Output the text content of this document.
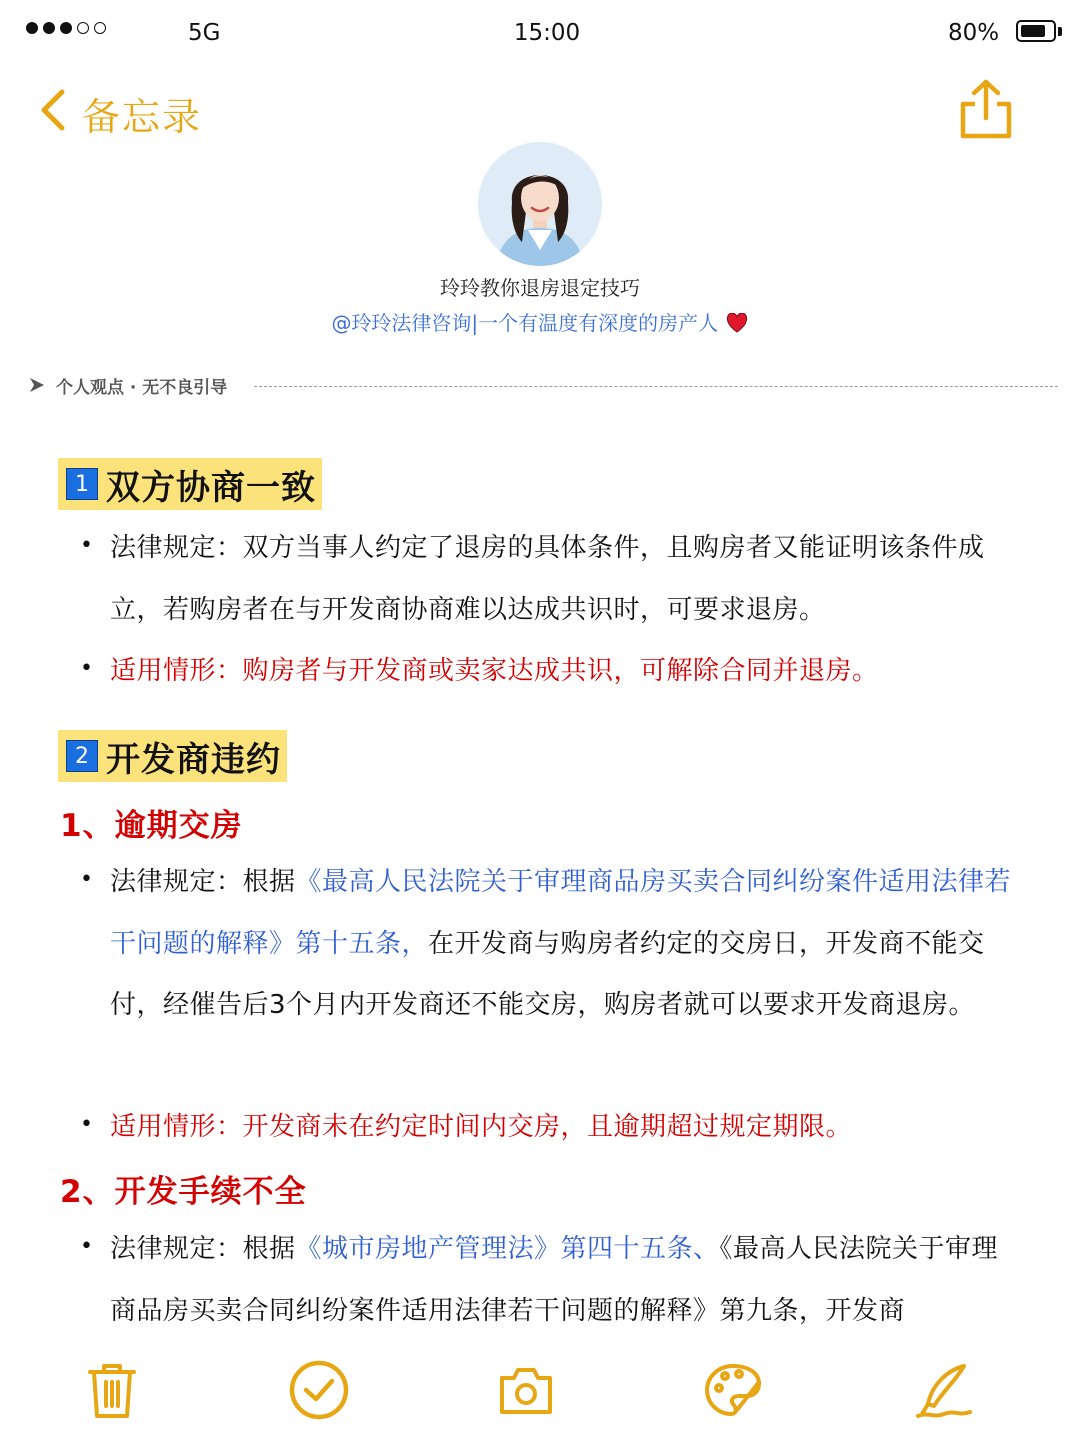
5G	15:00	80%
备忘录
玲玲教你退房退定技巧
@玲玲法律咨询|一个有温度有深度的房产人
个人观点 · 无不良引导
1 双方协商一致
• 法律规定：双方当事人约定了退房的具体条件，且购房者又能证明该条件成立，若购房者在与开发商协商难以达成共识时，可要求退房。
• 适用情形：购房者与开发商或卖家达成共识，可解除合同并退房。
2 开发商违约
1、逾期交房
• 法律规定：根据《最高人民法院关于审理商品房买卖合同纠纷案件适用法律若干问题的解释》第十五条，在开发商与购房者约定的交房日，开发商不能交付，经催告后3个月内开发商还不能交房，购房者就可以要求开发商退房。
• 适用情形：开发商未在约定时间内交房，且逾期超过规定期限。
2、开发手续不全
• 法律规定：根据《城市房地产管理法》第四十五条、《最高人民法院关于审理商品房买卖合同纠纷案件适用法律若干问题的解释》第九条，开发商
